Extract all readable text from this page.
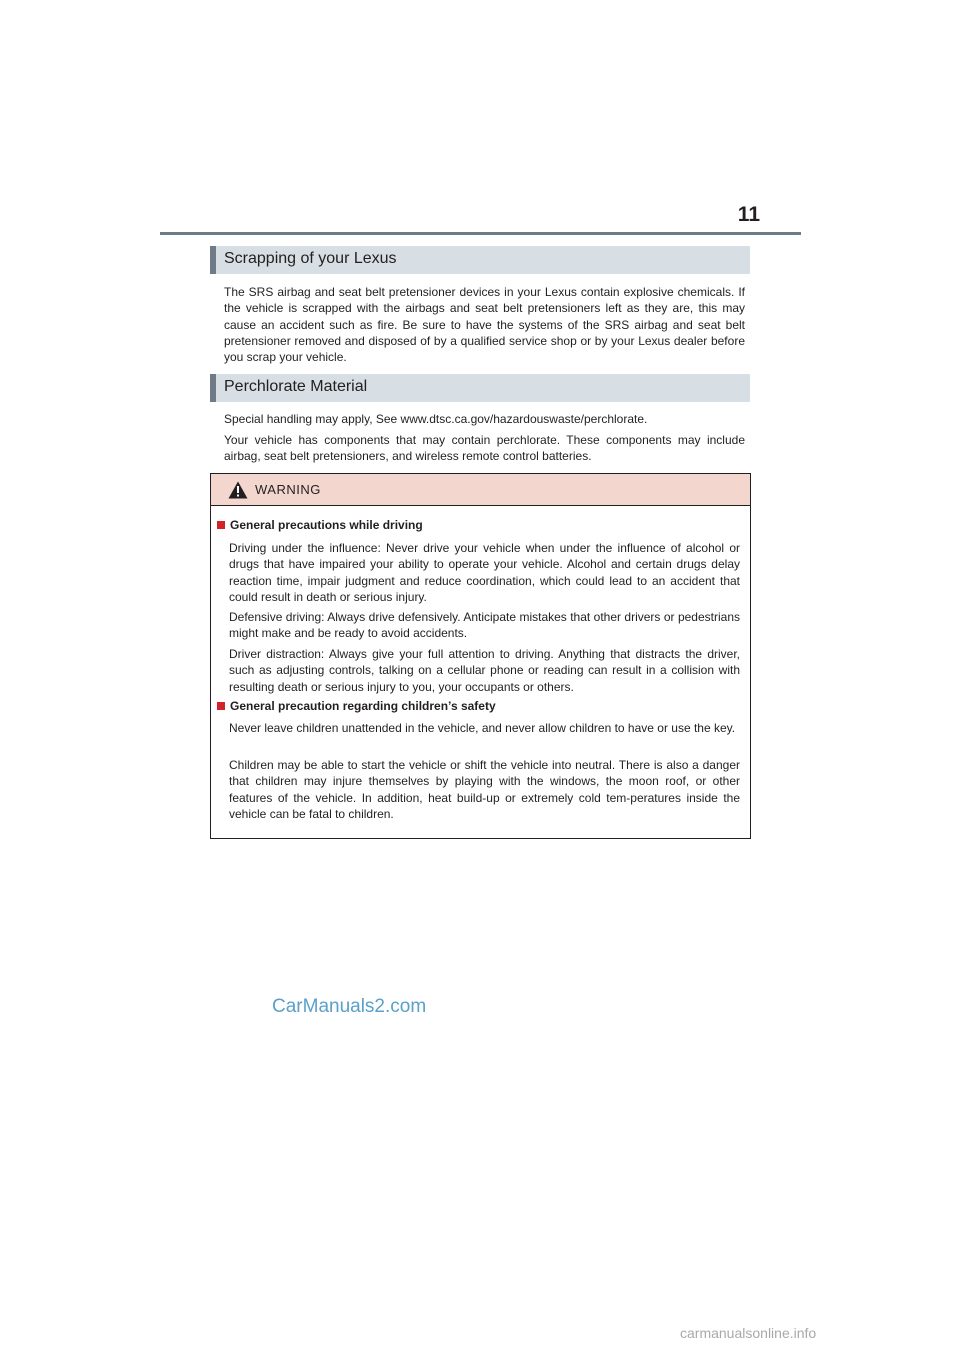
11
Scrapping of your Lexus

The SRS airbag and seat belt pretensioner devices in your Lexus contain explosive chemicals. If the vehicle is scrapped with the airbags and seat belt pretensioners left as they are, this may cause an accident such as fire. Be sure to have the systems of the SRS airbag and seat belt pretensioner removed and disposed of by a qualified service shop or by your Lexus dealer before you scrap your vehicle.

Perchlorate Material

Special handling may apply, See www.dtsc.ca.gov/hazardouswaste/perchlorate.

Your vehicle has components that may contain perchlorate. These components may include airbag, seat belt pretensioners, and wireless remote control batteries.

WARNING

General precautions while driving

Driving under the influence: Never drive your vehicle when under the influence of alcohol or drugs that have impaired your ability to operate your vehicle. Alcohol and certain drugs delay reaction time, impair judgment and reduce coordination, which could lead to an accident that could result in death or serious injury.

Defensive driving: Always drive defensively. Anticipate mistakes that other drivers or pedestrians might make and be ready to avoid accidents.

Driver distraction: Always give your full attention to driving. Anything that distracts the driver, such as adjusting controls, talking on a cellular phone or reading can result in a collision with resulting death or serious injury to you, your occupants or others.

General precaution regarding children’s safety

Never leave children unattended in the vehicle, and never allow children to have or use the key.

Children may be able to start the vehicle or shift the vehicle into neutral. There is also a danger that children may injure themselves by playing with the windows, the moon roof, or other features of the vehicle. In addition, heat build-up or extremely cold tem-peratures inside the vehicle can be fatal to children.

CarManuals2.com
carmanualsonline.info
